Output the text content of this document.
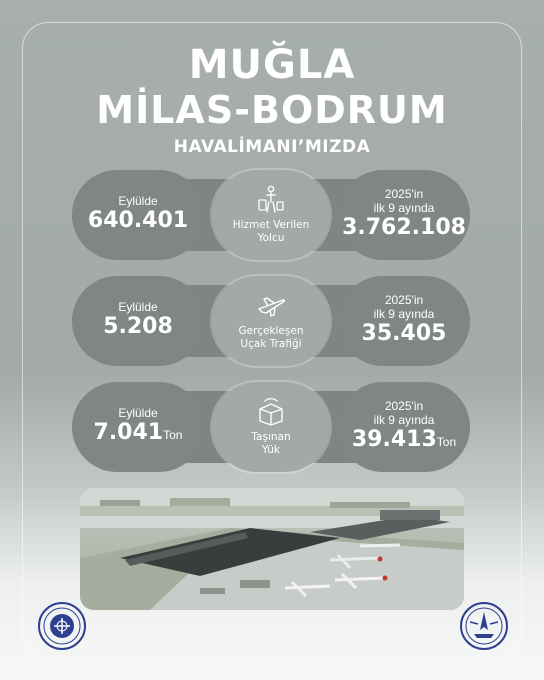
MUĞLA
MİLAS-BODRUM
HAVALİMANI’MIZDA
Eylülde
640.401	Hizmet Verilen
Yolcu
2025'in
ilk 9 ayında
3.762.108
Eylülde
5.208	Gerçekleşen
Uçak Trafiği
2025'in
ilk 9 ayında
35.405
Eylülde
7.041Ton	Taşınan
Yük
2025'in
ilk 9 ayında
39.413Ton
